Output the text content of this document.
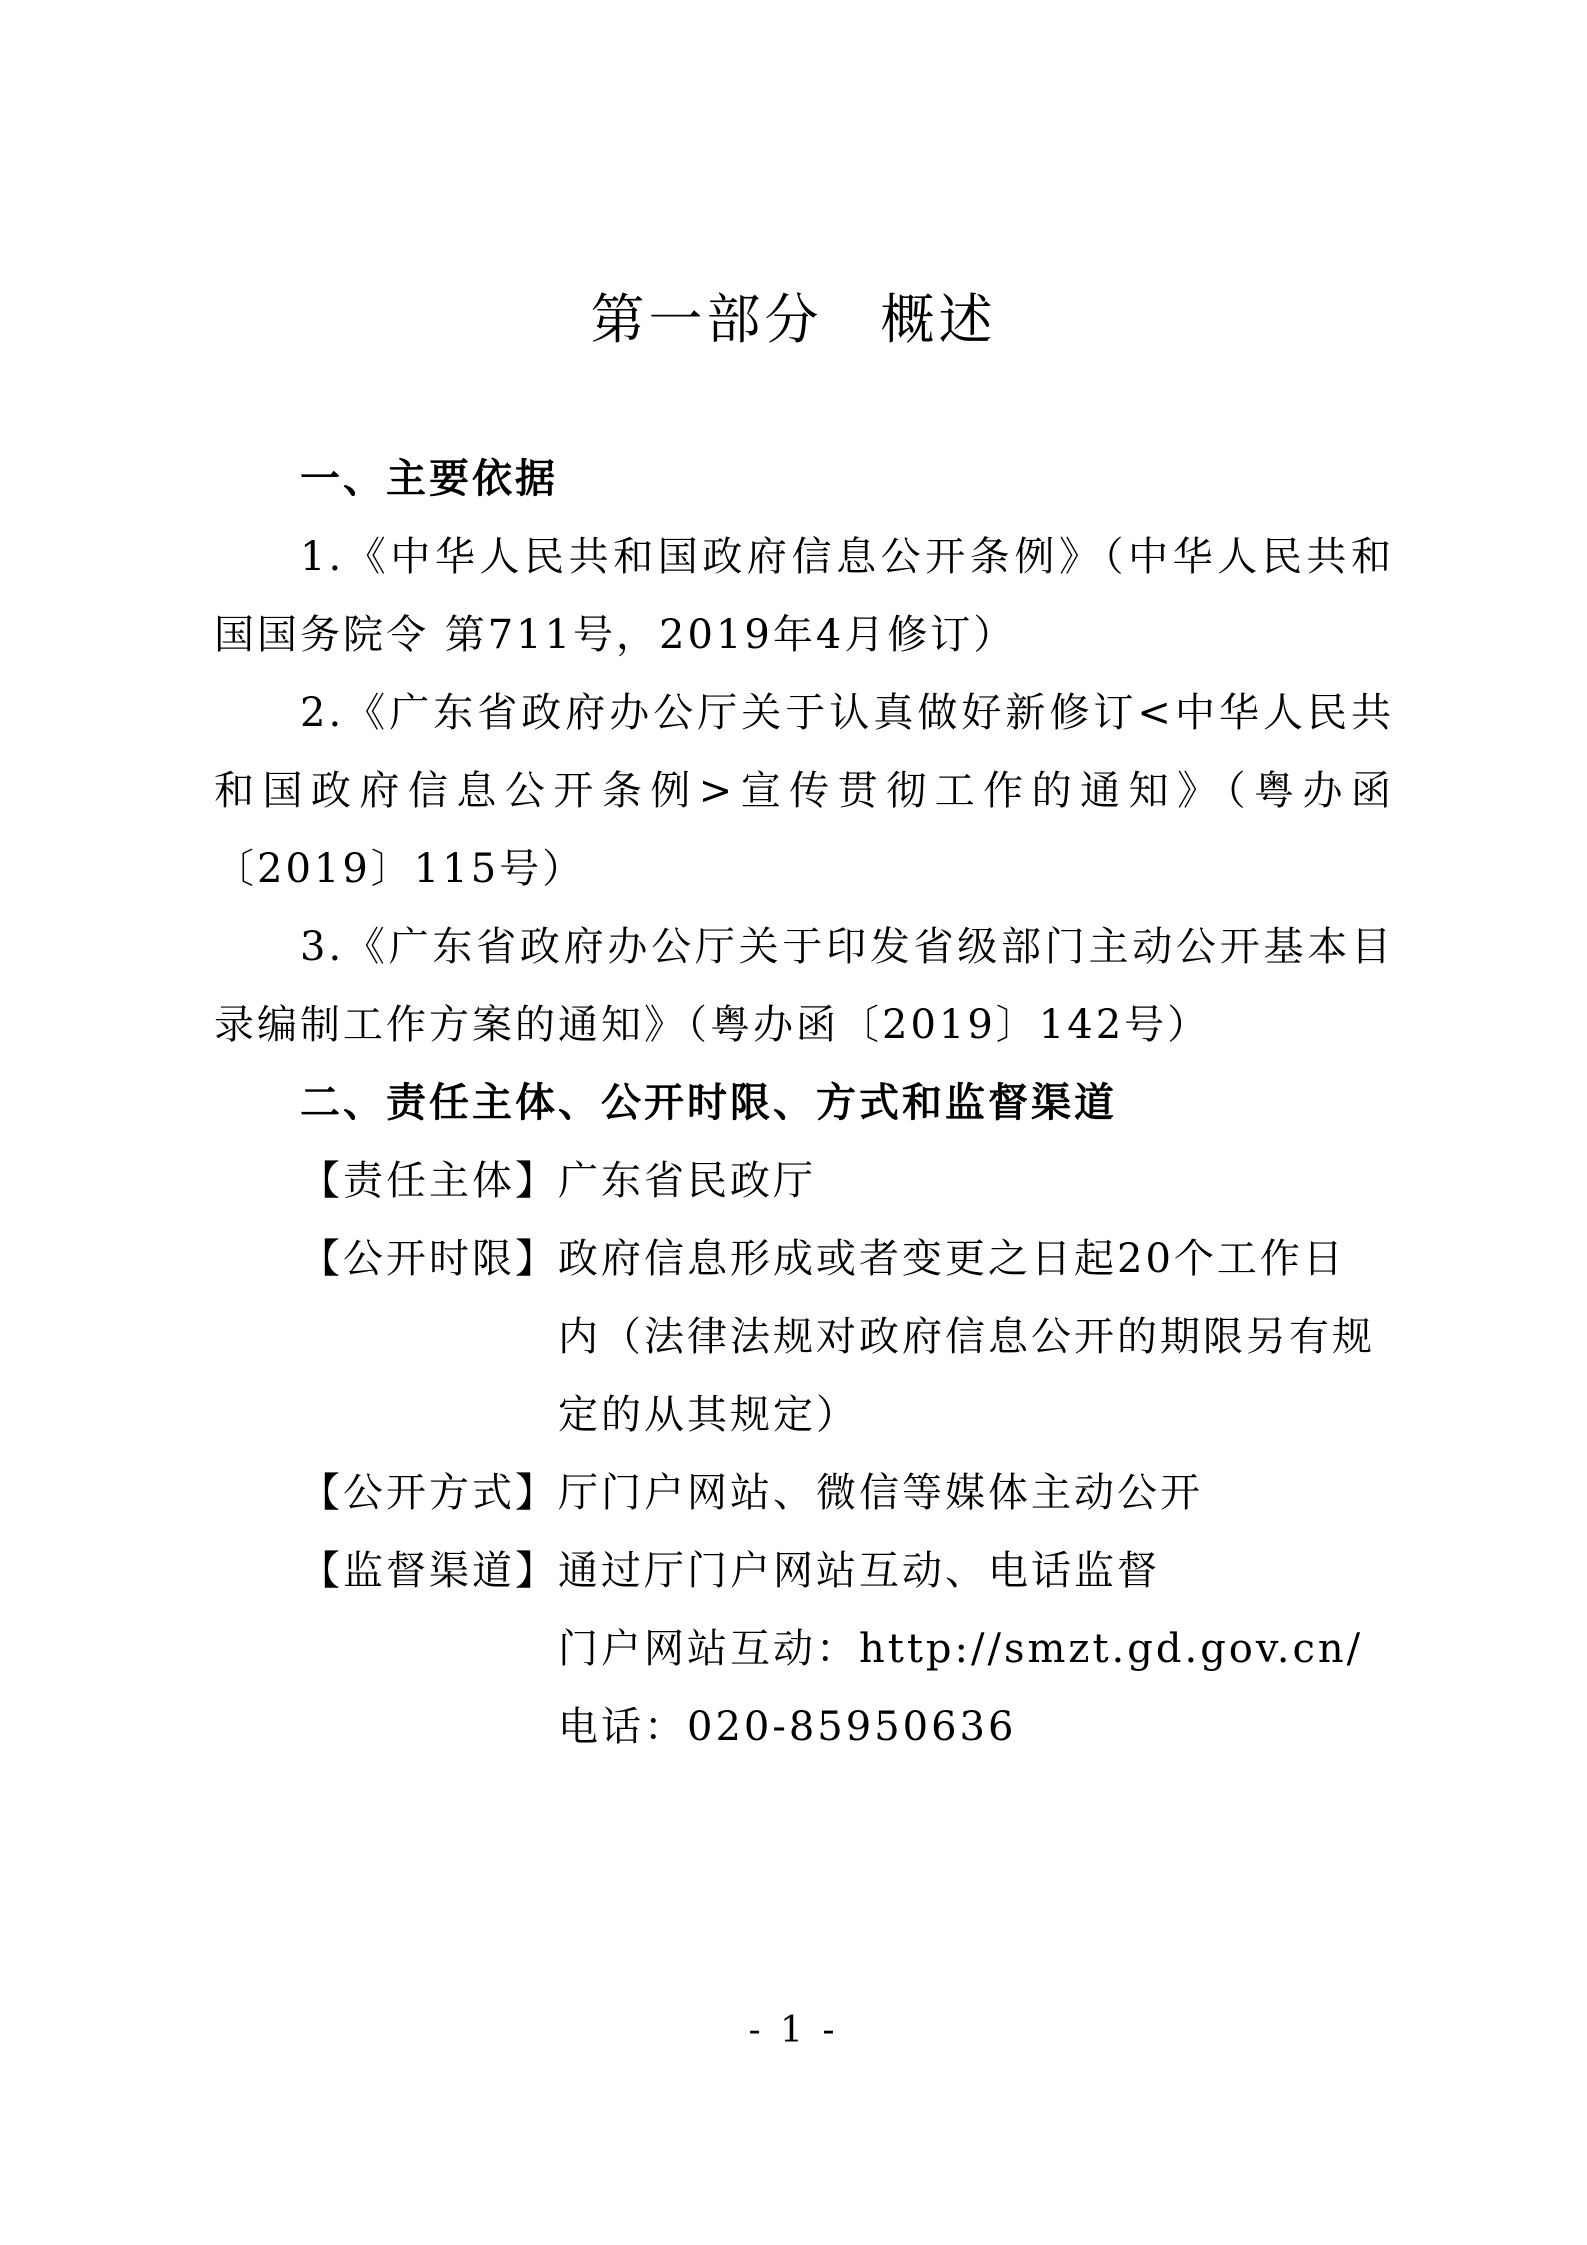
第一部分　概述
一、主要依据
1.《中华人民共和国政府信息公开条例》（中华人民共和国国务院令 第711号，2019年4月修订）
2.《广东省政府办公厅关于认真做好新修订<中华人民共和国政府信息公开条例>宣传贯彻工作的通知》（粤办函〔2019〕115号）
3.《广东省政府办公厅关于印发省级部门主动公开基本目录编制工作方案的通知》（粤办函〔2019〕142号）
二、责任主体、公开时限、方式和监督渠道
【责任主体】 广东省民政厅
【公开时限】 政府信息形成或者变更之日起20个工作日内（法律法规对政府信息公开的期限另有规定的从其规定）
【公开方式】 厅门户网站、微信等媒体主动公开
【监督渠道】 通过厅门户网站互动、电话监督
门户网站互动：http://smzt.gd.gov.cn/
电话：020-85950636
- 1 -
